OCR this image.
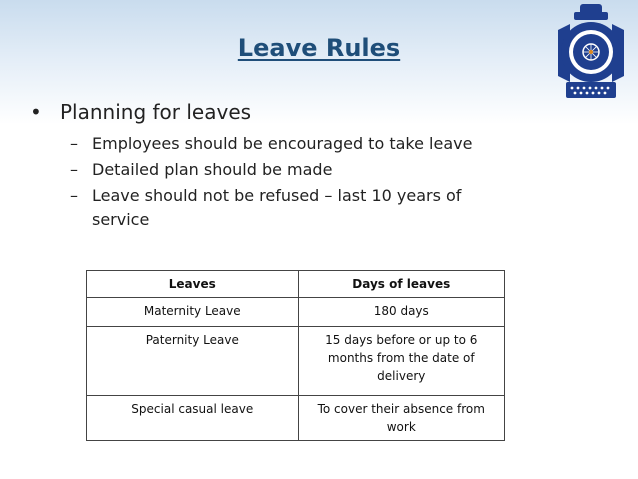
Leave Rules
• Planning for leaves
– Employees should be encouraged to take leave
– Detailed plan should be made
– Leave should not be refused – last 10 years of service
Leaves	Days of leaves
Maternity Leave	180 days
Paternity Leave	15 days before or up to 6 months from the date of delivery
Special casual leave	To cover their absence from work
